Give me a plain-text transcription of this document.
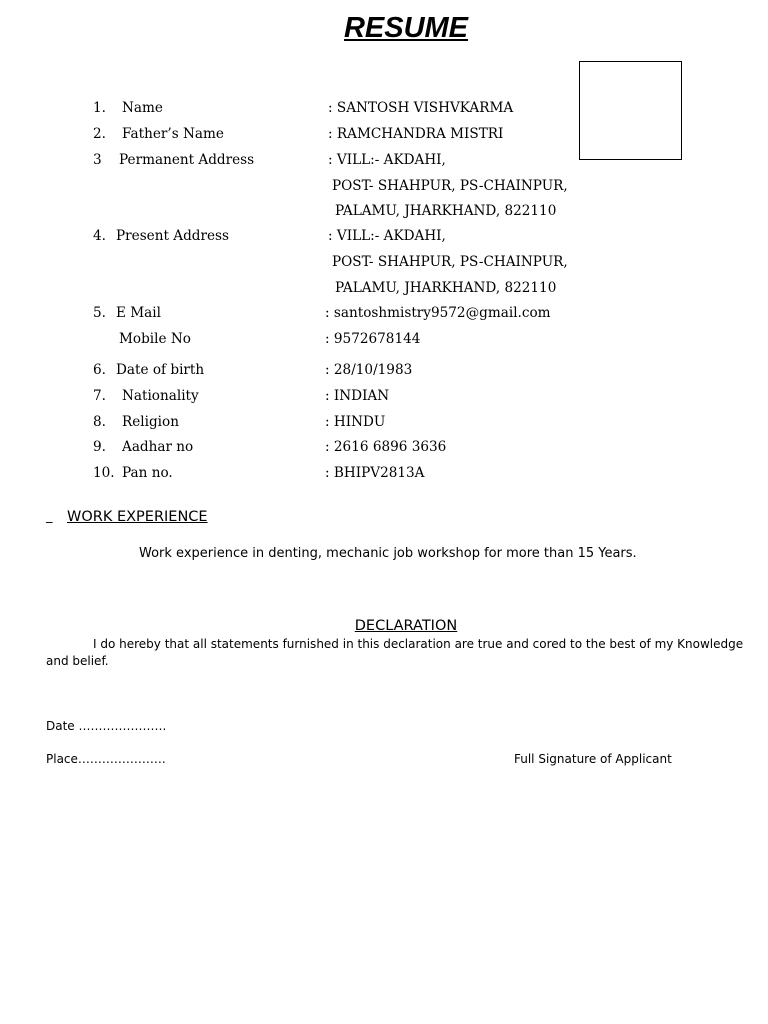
RESUME
1. Name	: SANTOSH VISHVKARMA
2. Father’s Name	: RAMCHANDRA MISTRI
3 Permanent Address	: VILL:- AKDAHI,
POST- SHAHPUR, PS-CHAINPUR,
PALAMU, JHARKHAND, 822110
4. Present Address	: VILL:- AKDAHI,
POST- SHAHPUR, PS-CHAINPUR,
PALAMU, JHARKHAND, 822110
5. E Mail	: santoshmistry9572@gmail.com
Mobile No	: 9572678144
6. Date of birth	: 28/10/1983
7. Nationality	: INDIAN
8. Religion	: HINDU
9. Aadhar no	: 2616 6896 3636
10. Pan no.	: BHIPV2813A
_ WORK EXPERIENCE
Work experience in denting, mechanic job workshop for more than 15 Years.
DECLARATION
I do hereby that all statements furnished in this declaration are true and cored to the best of my Knowledge
and belief.
Date ………………….
Place………………….	Full Signature of Applicant
